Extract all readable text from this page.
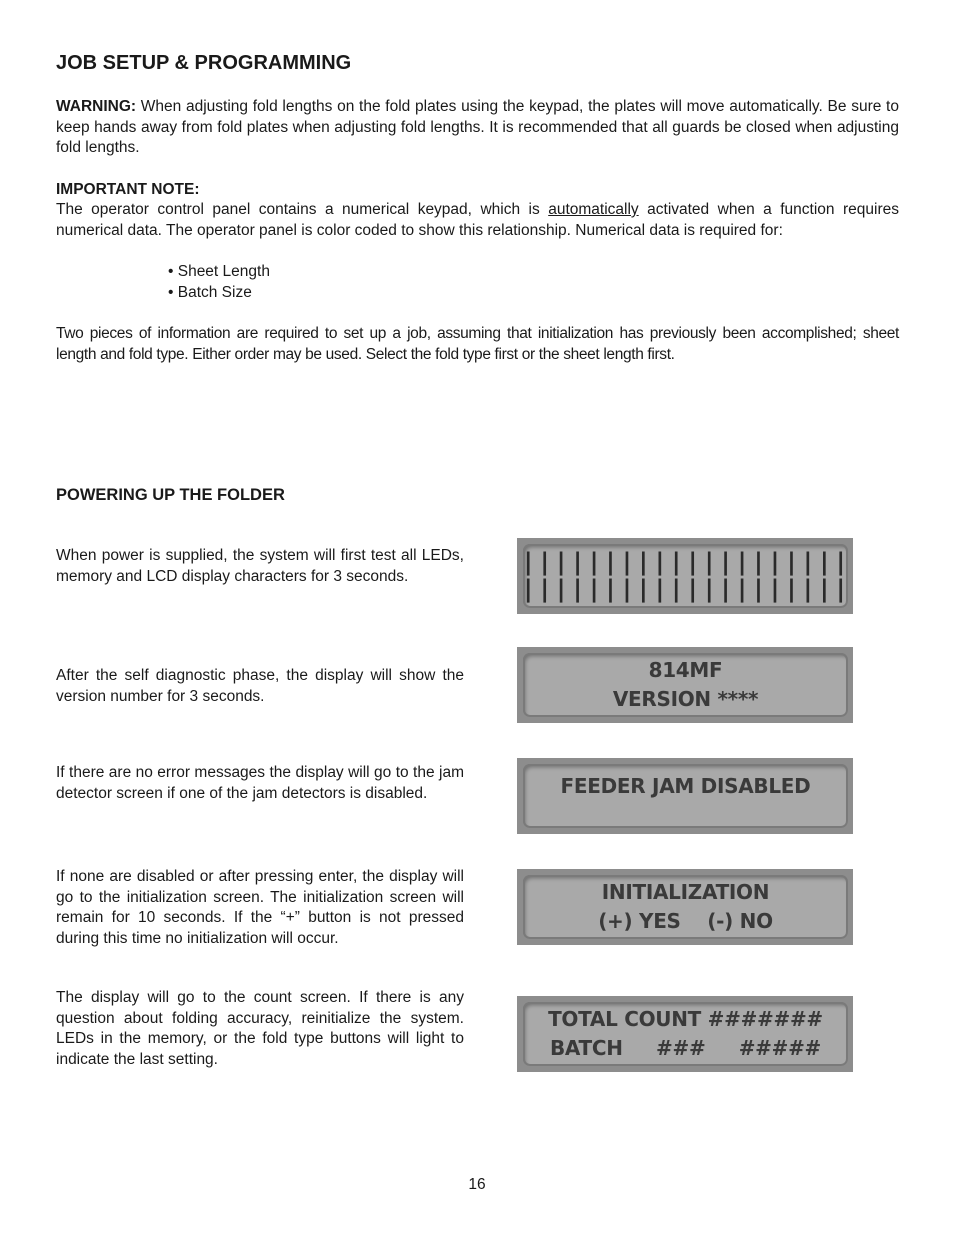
JOB SETUP & PROGRAMMING

WARNING: When adjusting fold lengths on the fold plates using the keypad, the plates will move automatically. Be sure to keep hands away from fold plates when adjusting fold lengths. It is recommended that all guards be closed when adjusting fold lengths.

IMPORTANT NOTE:

The operator control panel contains a numerical keypad, which is automatically activated when a function requires numerical data. The operator panel is color coded to show this relationship. Numerical data is required for:

• Sheet Length
• Batch Size

Two pieces of information are required to set up a job, assuming that initialization has previously been accomplished; sheet length and fold type. Either order may be used. Select the fold type first or the sheet length first.

POWERING UP THE FOLDER

When power is supplied, the system will first test all LEDs, memory and LCD display characters for 3 seconds.

After the self diagnostic phase, the display will show the version number for 3 seconds.

If there are no error messages the display will go to the jam detector screen if one of the jam detectors is disabled.

If none are disabled or after pressing enter, the display will go to the initialization screen. The initialization screen will remain for 10 seconds. If the “+” button is not pressed during this time no initialization will occur.

The display will go to the count screen. If there is any question about folding accuracy, reinitialize the system. LEDs in the memory, or the fold type buttons will light to indicate the last setting.

||||||||||||||||||||
||||||||||||||||||||
814MF
VERSION ****
FEEDER JAM DISABLED
INITIALIZATION
(+) YES    (-) NO
TOTAL COUNT #######
BATCH     ###     #####
16
